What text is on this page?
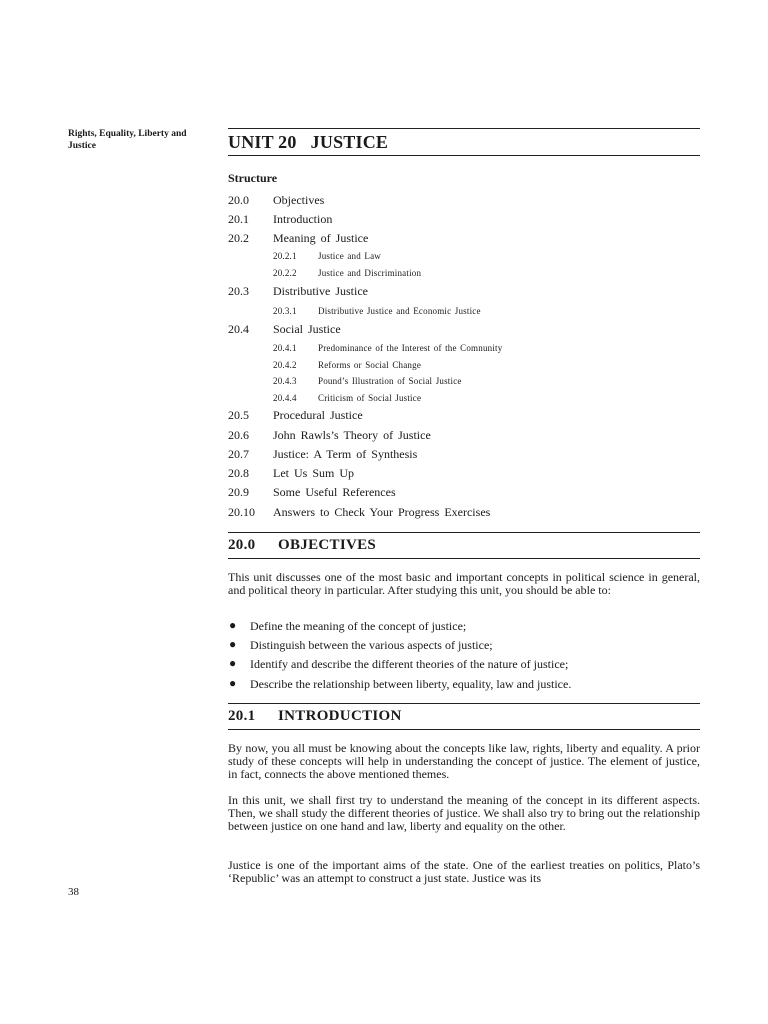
Rights, Equality, Liberty and Justice
38
UNIT 20   JUSTICE
Structure
20.0 Objectives
20.1 Introduction
20.2 Meaning of Justice
20.2.1 Justice and Law
20.2.2 Justice and Discrimination
20.3 Distributive Justice
20.3.1 Distributive Justice and Economic Justice
20.4 Social Justice
20.4.1 Predominance of the Interest of the Comnunity
20.4.2 Reforms or Social Change
20.4.3 Pound’s Illustration of Social Justice
20.4.4 Criticism of Social Justice
20.5 Procedural Justice
20.6 John Rawls’s Theory of Justice
20.7 Justice: A Term of Synthesis
20.8 Let Us Sum Up
20.9 Some Useful References
20.10 Answers to Check Your Progress Exercises
20.0 OBJECTIVES

This unit discusses one of the most basic and important concepts in political science in general, and political theory in particular. After studying this unit, you should be able to:

● Define the meaning of the concept of justice;
● Distinguish between the various aspects of justice;
● Identify and describe the different theories of the nature of justice;
● Describe the relationship between liberty, equality, law and justice.
20.1 INTRODUCTION

By now, you all must be knowing about the concepts like law, rights, liberty and equality. A prior study of these concepts will help in understanding the concept of justice. The element of justice, in fact, connects the above mentioned themes.

In this unit, we shall first try to understand the meaning of the concept in its different aspects. Then, we shall study the different theories of justice. We shall also try to bring out the relationship between justice on one hand and law, liberty and equality on the other.

Justice is one of the important aims of the state. One of the earliest treaties on politics, Plato’s ‘Republic’ was an attempt to construct a just state. Justice was its
